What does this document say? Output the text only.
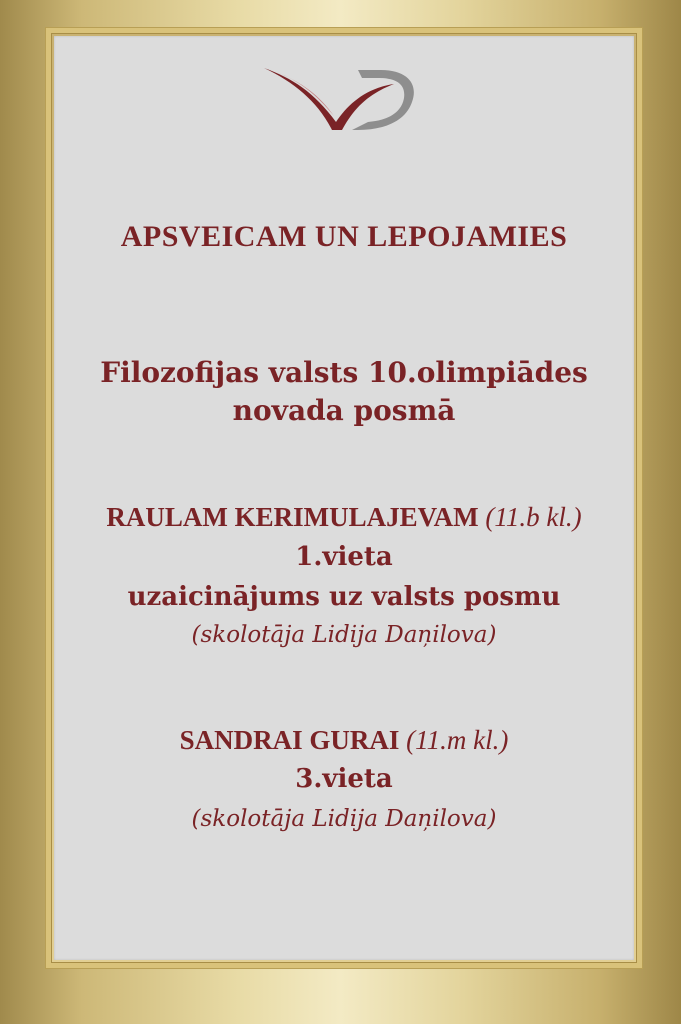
APSVEICAM UN LEPOJAMIES

Filozofijas valsts 10.olimpiādes

novada posmā

RAULAM KERIMULAJEVAM (11.b kl.)

1.vieta

uzaicinājums uz valsts posmu

(skolotāja Lidija Daņilova)

SANDRAI GURAI (11.m kl.)

3.vieta

(skolotāja Lidija Daņilova)
